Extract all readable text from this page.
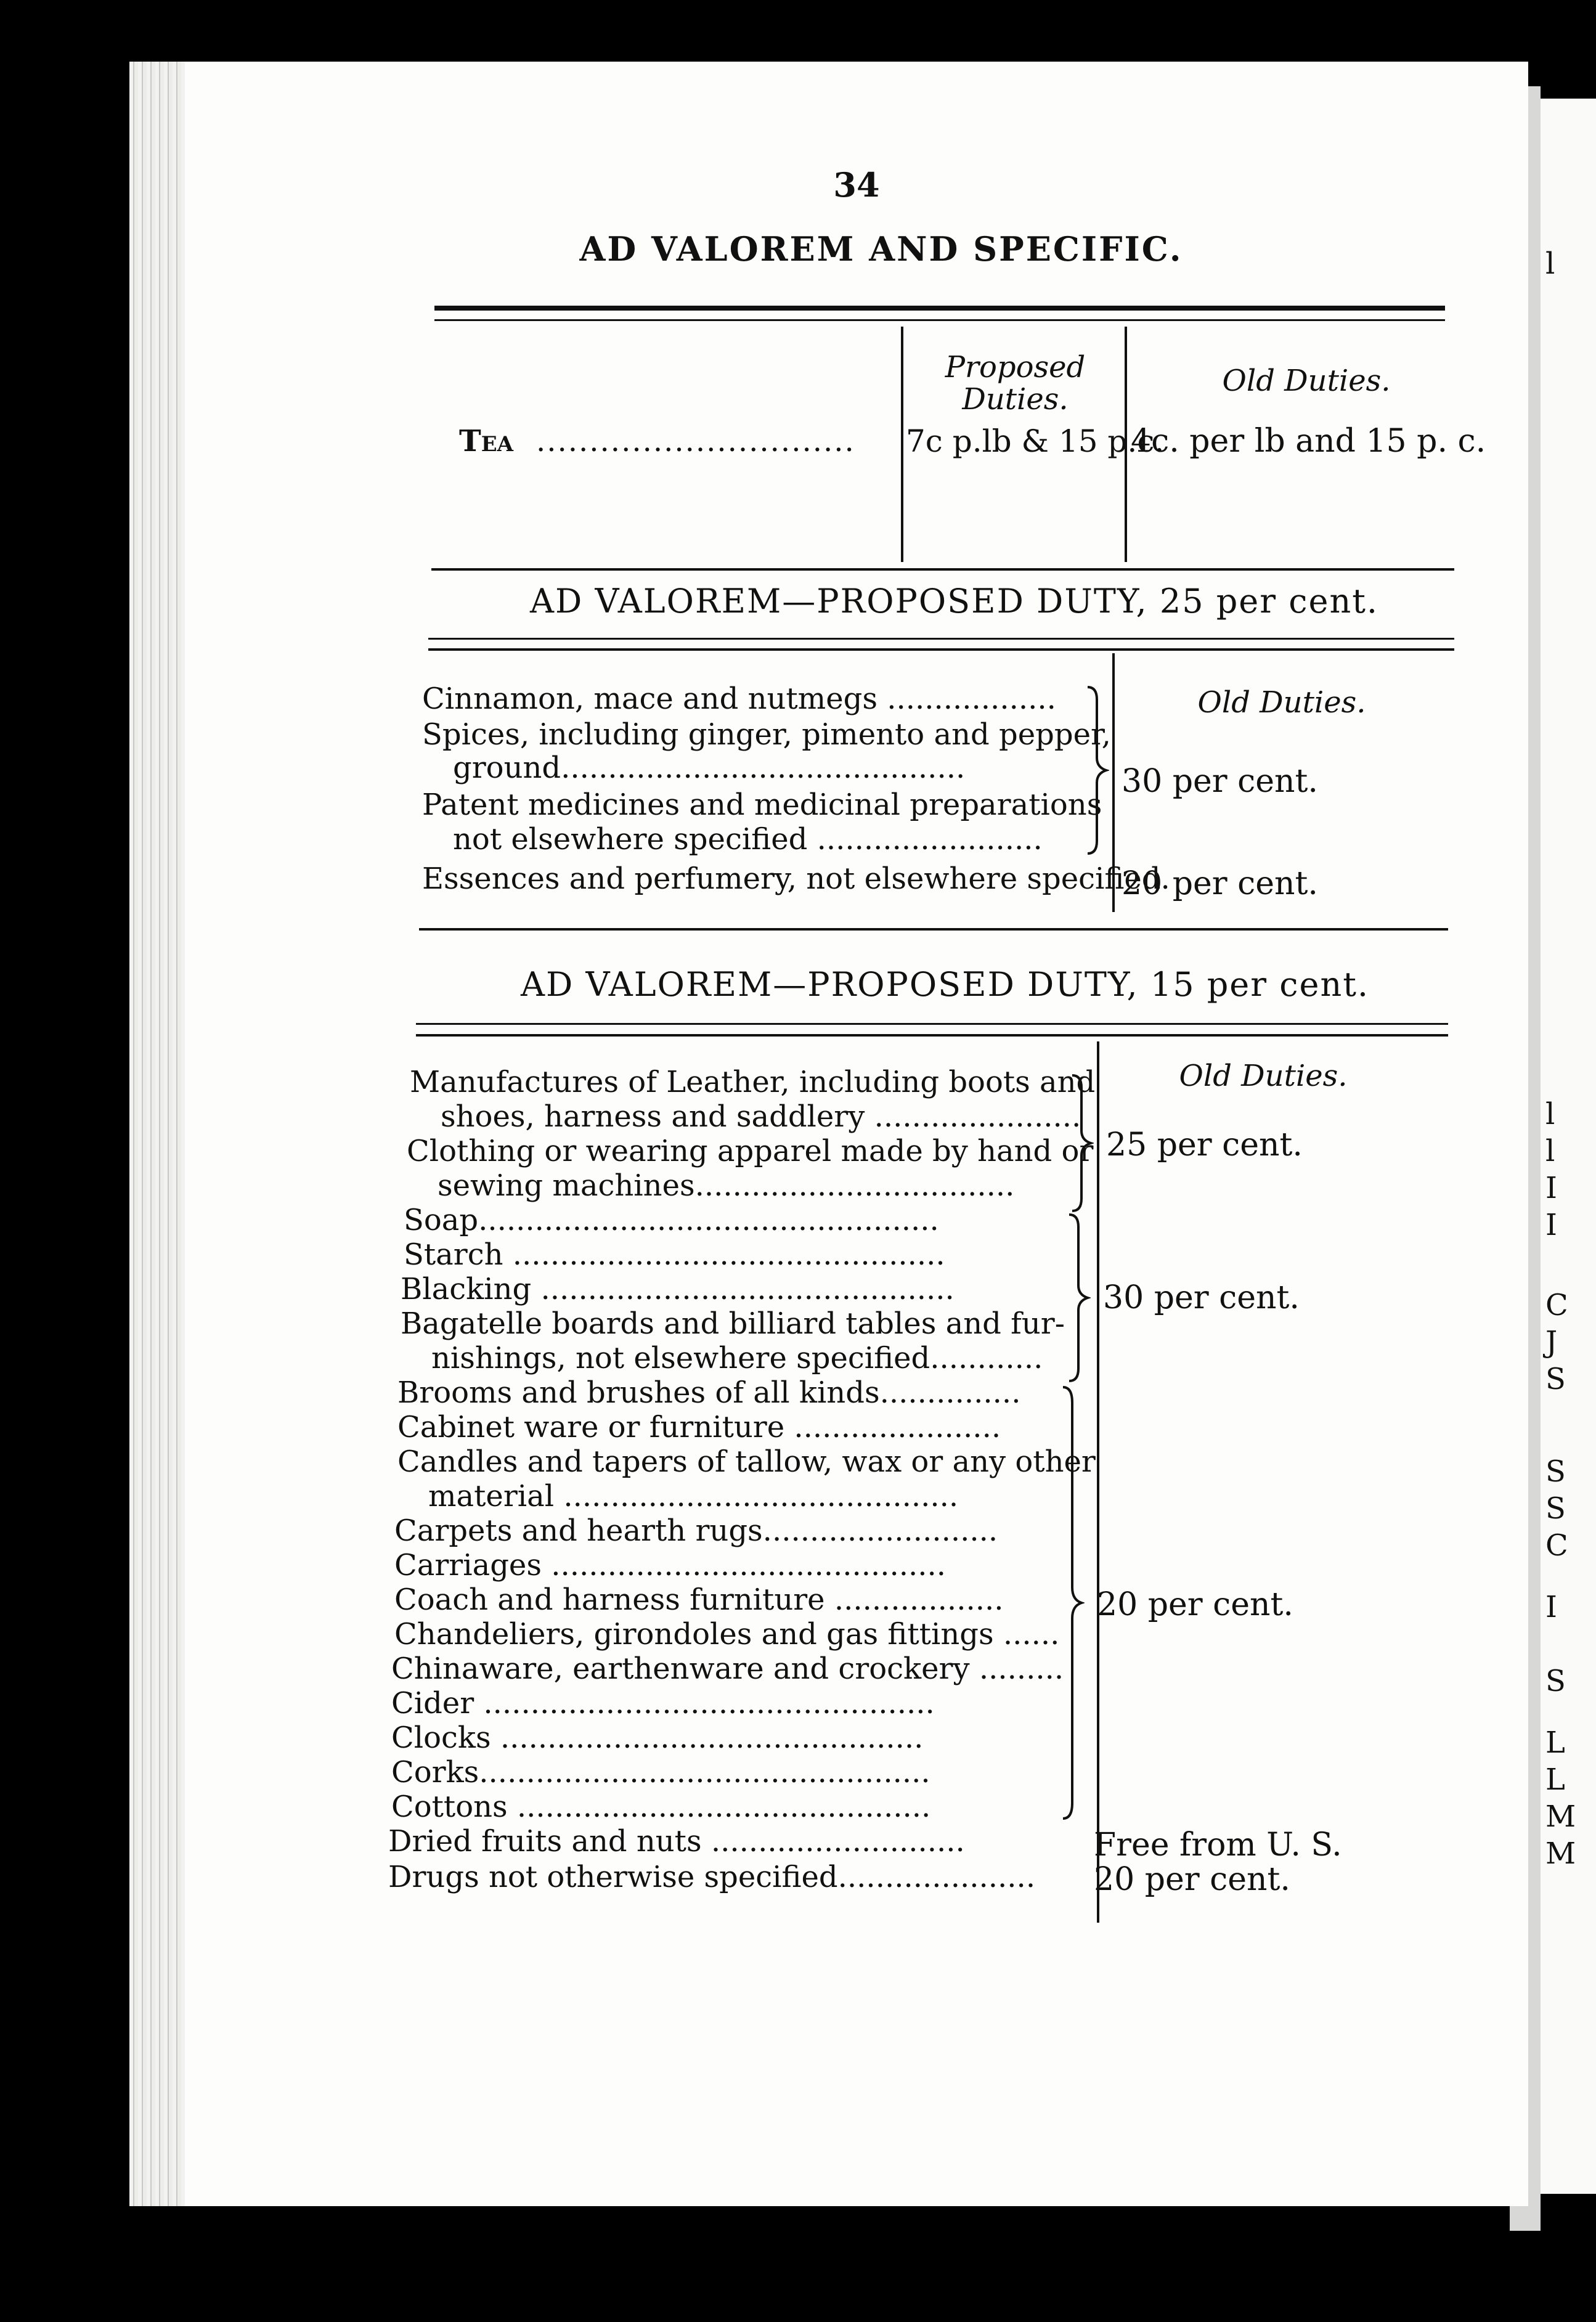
l
l
l
I
I
C
J
S
S
S
C
I
S
L
L
M
M
34
AD VALOREM AND SPECIFIC.
Proposed
Duties.
Old Duties.
Tea .............................. 7c p.lb & 15 p.c.
4c. per lb and 15 p. c.
AD VALOREM—PROPOSED DUTY, 25 per cent.
Old Duties.
Cinnamon, mace and nutmegs ..................
Spices, including ginger, pimento and pepper,
ground...........................................
Patent medicines and medicinal preparations
not elsewhere specified ........................
Essences and perfumery, not elsewhere specified.
30 per cent.
20 per cent.
AD VALOREM—PROPOSED DUTY, 15 per cent.
Old Duties.
Manufactures of Leather, including boots and
shoes, harness and saddlery ......................
Clothing or wearing apparel made by hand or
sewing machines..................................
Soap.................................................
Starch ..............................................
Blacking ............................................
Bagatelle boards and billiard tables and fur-
nishings, not elsewhere specified............
Brooms and brushes of all kinds...............
Cabinet ware or furniture ......................
Candles and tapers of tallow, wax or any other
material ..........................................
Carpets and hearth rugs.........................
Carriages ..........................................
Coach and harness furniture ..................
Chandeliers, girondoles and gas fittings ......
Chinaware, earthenware and crockery .........
Cider ................................................
Clocks .............................................
Corks................................................
Cottons ............................................
Dried fruits and nuts ...........................
Drugs not otherwise specified.....................
25 per cent.
30 per cent.
20 per cent.
Free from U. S.
20 per cent.
